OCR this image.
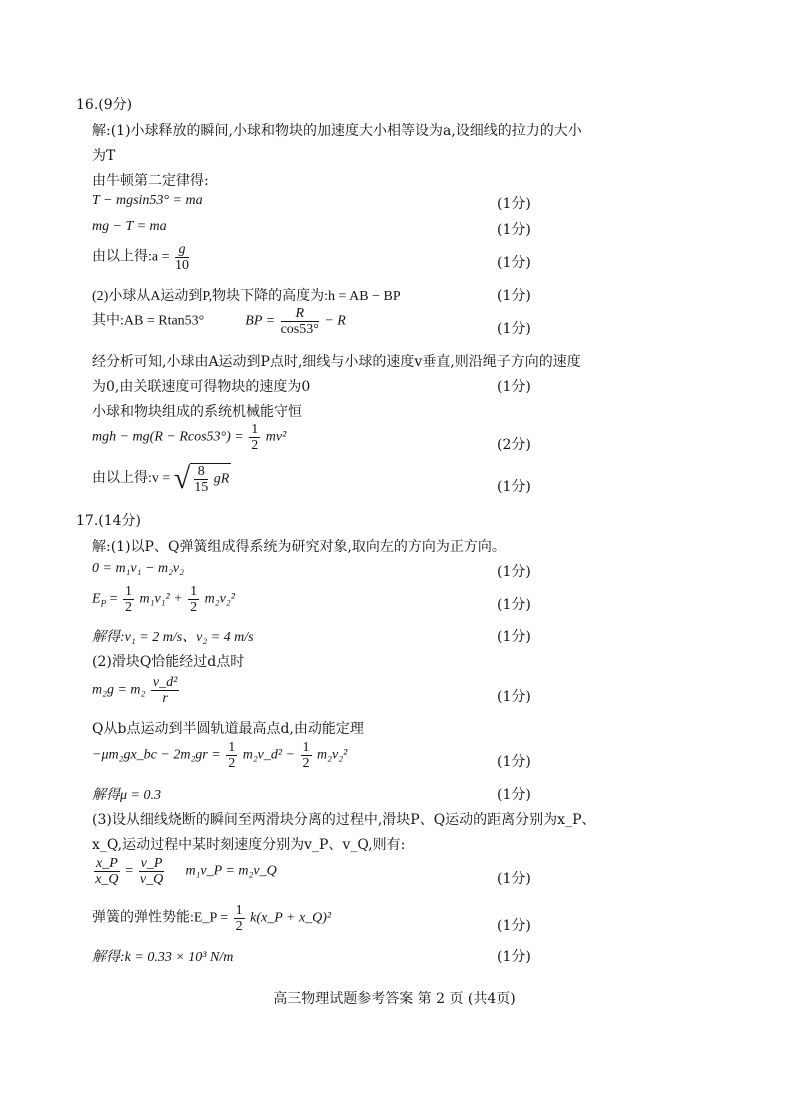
16.(9分)
解:(1)小球释放的瞬间,小球和物块的加速度大小相等设为a,设细线的拉力的大小
为T
由牛顿第二定律得:
T − mgsin53° = ma	(1分)
mg − T = ma	(1分)
由以上得:a = $\frac{g}{10}$	(1分)
(2)小球从A运动到P,物块下降的高度为:h = AB − BP	(1分)
其中:AB = Rtan53°	BP = $\frac{R}{\cos 53^\circ} - R$	(1分)
经分析可知,小球由A运动到P点时,细线与小球的速度v垂直,则沿绳子方向的速度
为0,由关联速度可得物块的速度为0	(1分)
小球和物块组成的系统机械能守恒
mgh − $mg(R - Rcos53^\circ) = \frac{1}{2} mv^2$	(2分)
由以上得:v = √ $\frac{8}{15}$ gR	(1分)
17.(14分)
解:(1)以P、Q弹簧组成得系统为研究对象,取向左的方向为正方向。
0 = m₁v₁ − m₂v₂	(1分)
$E_P = \frac{1}{2} m_1v_1^2 + \frac{1}{2} m_2v_2^2$	(1分)
解得:v₁ = 2 m/s、v₂ = 4 m/s	(1分)
(2)滑块Q恰能经过d点时
$m_2g = m_2 \frac{\text{v\_d²}}{r}$	(1分)
Q从b点运动到半圆轨道最高点d,由动能定理
−μm₂gx_bc − $2m_2gr = \frac{1}{2}$ m₂v_d² − $\frac{1}{2} m_2v_2^2$	(1分)
解得μ = 0.3	(1分)
(3)设从细线烧断的瞬间至两滑块分离的过程中,滑块P、Q运动的距离分别为x_P、
x_Q,运动过程中某时刻速度分别为v_P、v_Q,则有:
$\frac{x\_P}{x\_Q} = \frac{v\_P}{v\_Q}$ m₁v_P = m₂v_Q	(1分)
弹簧的弹性势能:E_P = $\frac{1}{2}$ k(x_P + x_Q)²	(1分)
解得:k = 0.33 × 10³ N/m	(1分)
高三物理试题参考答案 第 2 页 (共4页)
